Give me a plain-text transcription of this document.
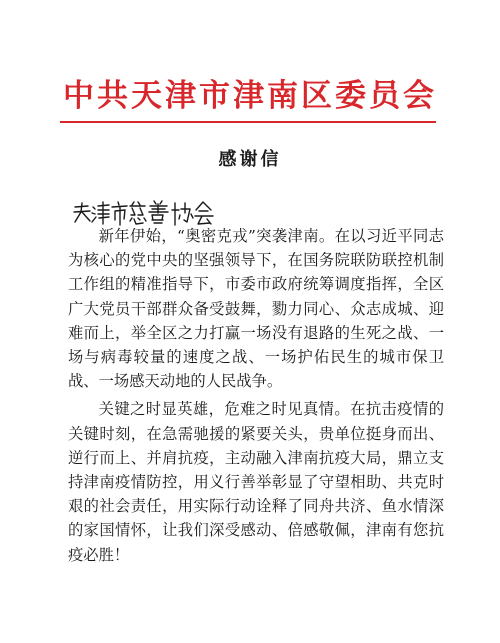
中共天津市津南区委员会
感谢信

新年伊始，“奥密克戎”突袭津南。在以习近平同志为核心的党中央的坚强领导下，在国务院联防联控机制工作组的精准指导下，市委市政府统筹调度指挥，全区广大党员干部群众备受鼓舞，勠力同心、众志成城、迎难而上，举全区之力打赢一场没有退路的生死之战、一场与病毒较量的速度之战、一场护佑民生的城市保卫战、一场感天动地的人民战争。

关键之时显英雄，危难之时见真情。在抗击疫情的关键时刻，在急需驰援的紧要关头，贵单位挺身而出、逆行而上、并肩抗疫，主动融入津南抗疫大局，鼎立支持津南疫情防控，用义行善举彰显了守望相助、共克时艰的社会责任，用实际行动诠释了同舟共济、鱼水情深的家国情怀，让我们深受感动、倍感敬佩，津南有您抗疫必胜！
